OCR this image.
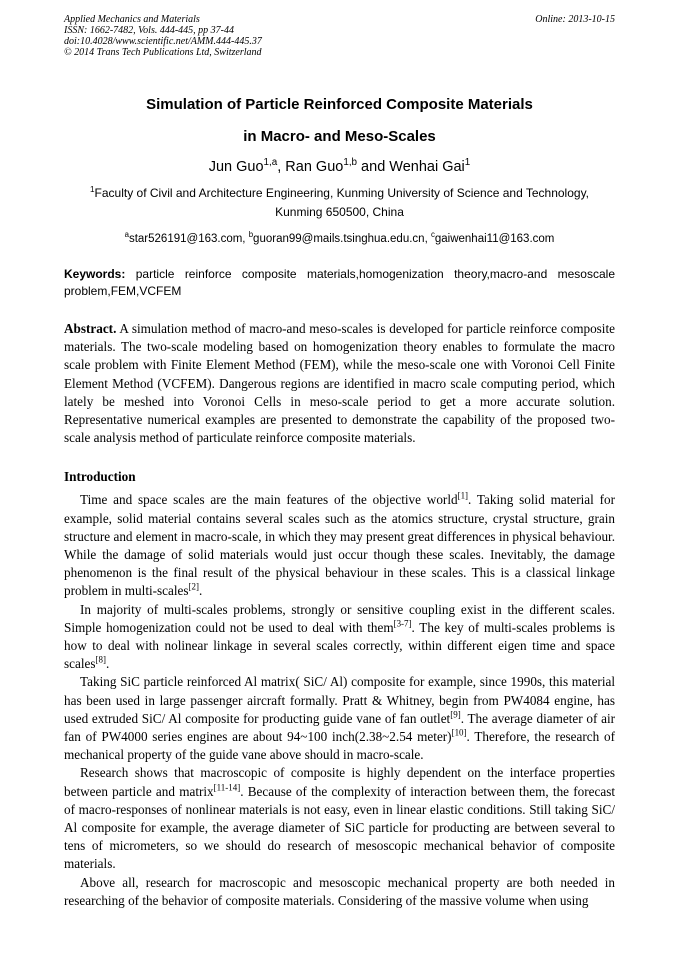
Applied Mechanics and Materials
ISSN: 1662-7482, Vols. 444-445, pp 37-44
doi:10.4028/www.scientific.net/AMM.444-445.37
© 2014 Trans Tech Publications Ltd, Switzerland
Online: 2013-10-15
Simulation of Particle Reinforced Composite Materials
in Macro- and Meso-Scales
Jun Guo$^{1,a}$, Ran Guo$^{1,b}$ and Wenhai Gai$^1$
$^1$Faculty of Civil and Architecture Engineering, Kunming University of Science and Technology,
Kunming 650500, China
$^a$star526191@163.com, $^b$guoran99@mails.tsinghua.edu.cn, $^c$gaiwenhai11@163.com
Keywords: particle reinforce composite materials,homogenization theory,macro-and mesoscale problem,FEM,VCFEM
Abstract. A simulation method of macro-and meso-scales is developed for particle reinforce composite materials. The two-scale modeling based on homogenization theory enables to formulate the macro scale problem with Finite Element Method (FEM), while the meso-scale one with Voronoi Cell Finite Element Method (VCFEM). Dangerous regions are identified in macro scale computing period, which lately be meshed into Voronoi Cells in meso-scale period to get a more accurate solution. Representative numerical examples are presented to demonstrate the capability of the proposed two-scale analysis method of particulate reinforce composite materials.
Introduction

Time and space scales are the main features of the objective world[1]. Taking solid material for example, solid material contains several scales such as the atomics structure, crystal structure, grain structure and element in macro-scale, in which they may present great differences in physical behaviour. While the damage of solid materials would just occur though these scales. Inevitably, the damage phenomenon is the final result of the physical behaviour in these scales. This is a classical linkage problem in multi-scales[2].

In majority of multi-scales problems, strongly or sensitive coupling exist in the different scales. Simple homogenization could not be used to deal with them[3-7]. The key of multi-scales problems is how to deal with nolinear linkage in several scales correctly, within different eigen time and space scales[8].

Taking SiC particle reinforced Al matrix( SiC/ Al) composite for example, since 1990s, this material has been used in large passenger aircraft formally. Pratt & Whitney, begin from PW4084 engine, has used extruded SiC/ Al composite for producting guide vane of fan outlet[9]. The average diameter of air fan of PW4000 series engines are about 94~100 inch(2.38~2.54 meter)[10]. Therefore, the research of mechanical property of the guide vane above should in macro-scale.

Research shows that macroscopic of composite is highly dependent on the interface properties between particle and matrix[11-14]. Because of the complexity of interaction between them, the forecast of macro-responses of nonlinear materials is not easy, even in linear elastic conditions. Still taking SiC/ Al composite for example, the average diameter of SiC particle for producting are between several to tens of micrometers, so we should do research of mesoscopic mechanical behavior of composite materials.

Above all, research for macroscopic and mesoscopic mechanical property are both needed in researching of the behavior of composite materials. Considering of the massive volume when using
